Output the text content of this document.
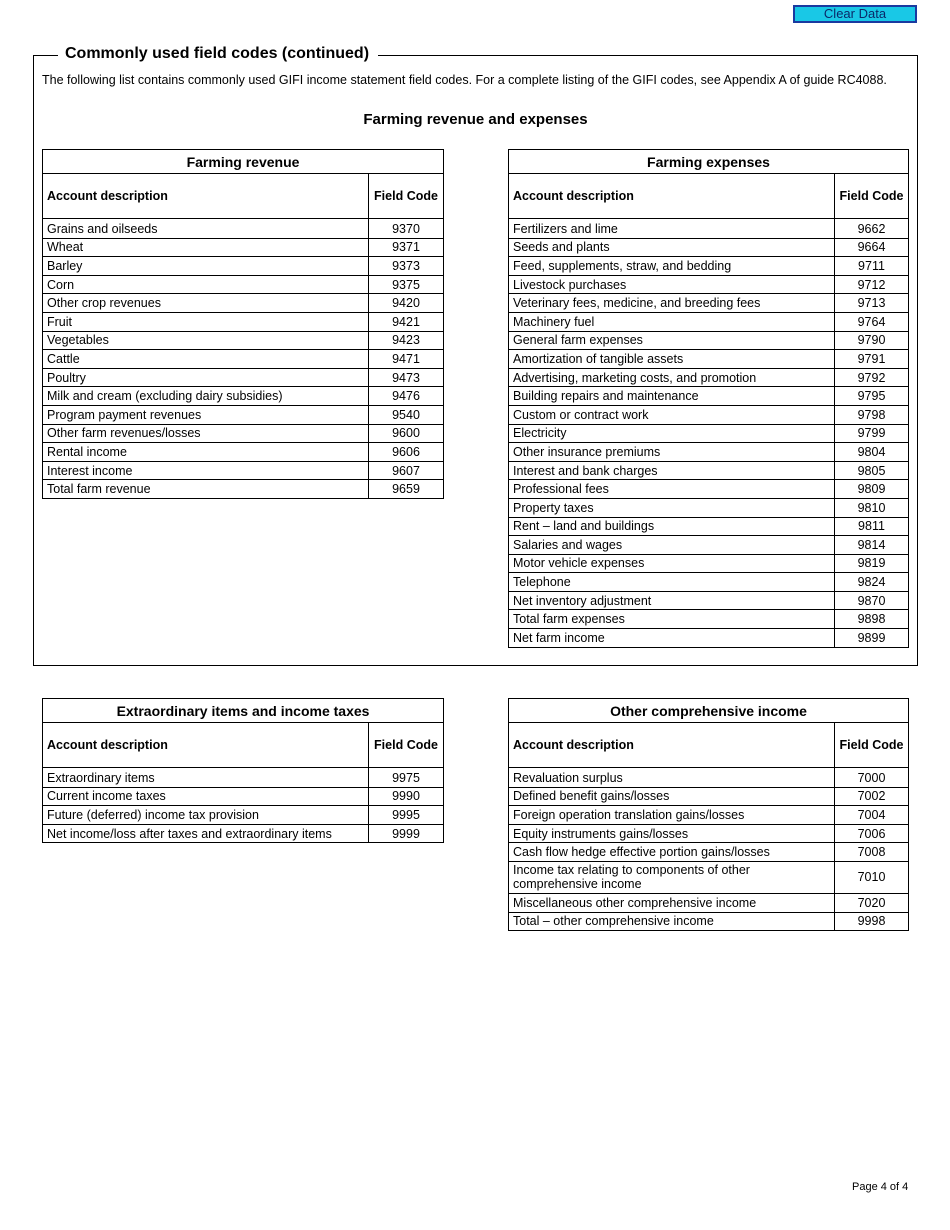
Clear Data
Commonly used field codes (continued)
The following list contains commonly used GIFI income statement field codes. For a complete listing of the GIFI codes, see Appendix A of guide RC4088.
Farming revenue and expenses
Farming revenue	
Account description	Field Code
Grains and oilseeds	9370
Wheat	9371
Barley	9373
Corn	9375
Other crop revenues	9420
Fruit	9421
Vegetables	9423
Cattle	9471
Poultry	9473
Milk and cream (excluding dairy subsidies)	9476
Program payment revenues	9540
Other farm revenues/losses	9600
Rental income	9606
Interest income	9607
Total farm revenue	9659
Farming expenses	
Account description	Field Code
Fertilizers and lime	9662
Seeds and plants	9664
Feed, supplements, straw, and bedding	9711
Livestock purchases	9712
Veterinary fees, medicine, and breeding fees	9713
Machinery fuel	9764
General farm expenses	9790
Amortization of tangible assets	9791
Advertising, marketing costs, and promotion	9792
Building repairs and maintenance	9795
Custom or contract work	9798
Electricity	9799
Other insurance premiums	9804
Interest and bank charges	9805
Professional fees	9809
Property taxes	9810
Rent – land and buildings	9811
Salaries and wages	9814
Motor vehicle expenses	9819
Telephone	9824
Net inventory adjustment	9870
Total farm expenses	9898
Net farm income	9899
Extraordinary items and income taxes	
Account description	Field Code
Extraordinary items	9975
Current income taxes	9990
Future (deferred) income tax provision	9995
Net income/loss after taxes and extraordinary items	9999
Other comprehensive income	
Account description	Field Code
Revaluation surplus	7000
Defined benefit gains/losses	7002
Foreign operation translation gains/losses	7004
Equity instruments gains/losses	7006
Cash flow hedge effective portion gains/losses	7008
Income tax relating to components of other comprehensive income	7010
Miscellaneous other comprehensive income	7020
Total – other comprehensive income	9998
Page 4 of 4
